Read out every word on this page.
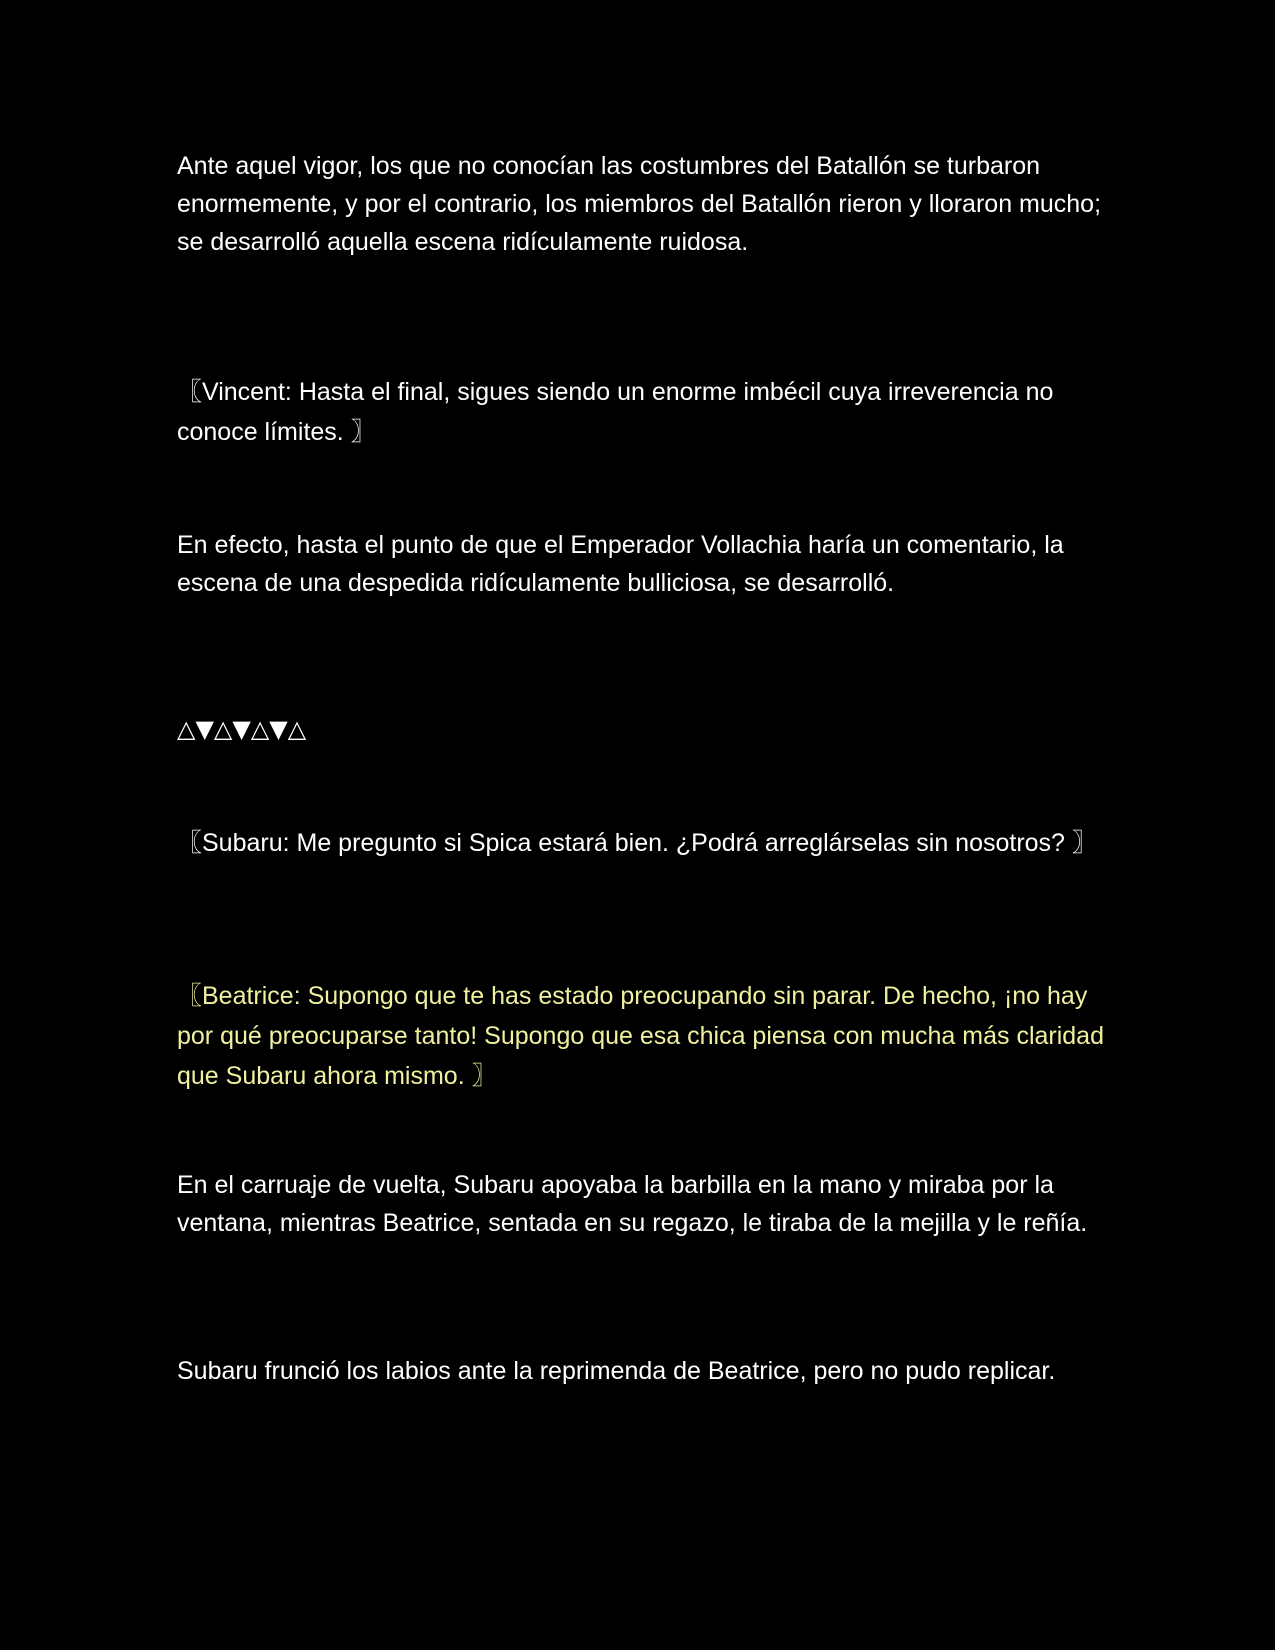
Ante aquel vigor, los que no conocían las costumbres del Batallón se turbaron enormemente, y por el contrario, los miembros del Batallón rieron y lloraron mucho; se desarrolló aquella escena ridículamente ruidosa.

〖Vincent: Hasta el final, sigues siendo un enorme imbécil cuya irreverencia no conoce límites. 〗

En efecto, hasta el punto de que el Emperador Vollachia haría un comentario, la escena de una despedida ridículamente bulliciosa, se desarrolló.

△▼△▼△▼△

〖Subaru: Me pregunto si Spica estará bien. ¿Podrá arreglárselas sin nosotros? 〗

〖Beatrice: Supongo que te has estado preocupando sin parar. De hecho, ¡no hay por qué preocuparse tanto! Supongo que esa chica piensa con mucha más claridad que Subaru ahora mismo. 〗

En el carruaje de vuelta, Subaru apoyaba la barbilla en la mano y miraba por la ventana, mientras Beatrice, sentada en su regazo, le tiraba de la mejilla y le reñía.

Subaru frunció los labios ante la reprimenda de Beatrice, pero no pudo replicar.
